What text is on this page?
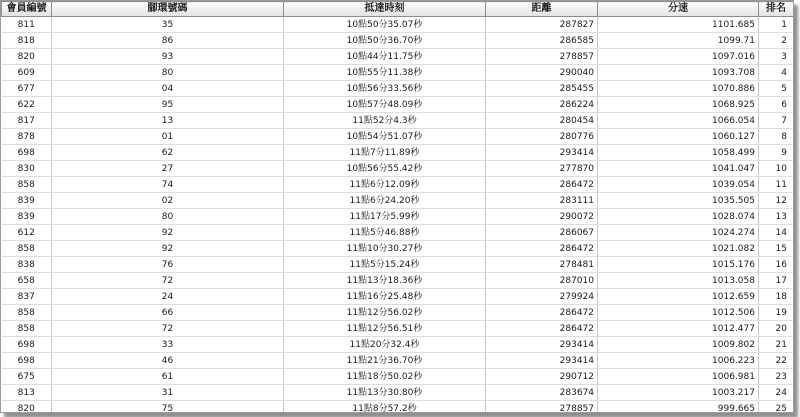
會員編號	腳環號碼	抵達時刻	距離	分速	排名
811	35	10點50分35.07秒	287827	1101.685	1
818	86	10點50分36.70秒	286585	1099.71	2
820	93	10點44分11.75秒	278857	1097.016	3
609	80	10點55分11.38秒	290040	1093.708	4
677	04	10點56分33.56秒	285455	1070.886	5
622	95	10點57分48.09秒	286224	1068.925	6
817	13	11點52分4.3秒	280454	1066.054	7
878	01	10點54分51.07秒	280776	1060.127	8
698	62	11點7分11.89秒	293414	1058.499	9
830	27	10點56分55.42秒	277870	1041.047	10
858	74	11點6分12.09秒	286472	1039.054	11
839	02	11點6分24.20秒	283111	1035.505	12
839	80	11點17分5.99秒	290072	1028.074	13
612	92	11點5分46.88秒	286067	1024.274	14
858	92	11點10分30.27秒	286472	1021.082	15
838	76	11點5分15.24秒	278481	1015.176	16
658	72	11點13分18.36秒	287010	1013.058	17
837	24	11點16分25.48秒	279924	1012.659	18
858	66	11點12分56.02秒	286472	1012.506	19
858	72	11點12分56.51秒	286472	1012.477	20
698	33	11點20分32.4秒	293414	1009.802	21
698	46	11點21分36.70秒	293414	1006.223	22
675	61	11點18分50.02秒	290712	1006.981	23
813	31	11點13分30.80秒	283674	1003.217	24
820	75	11點8分57.2秒	278857	999.665	25
